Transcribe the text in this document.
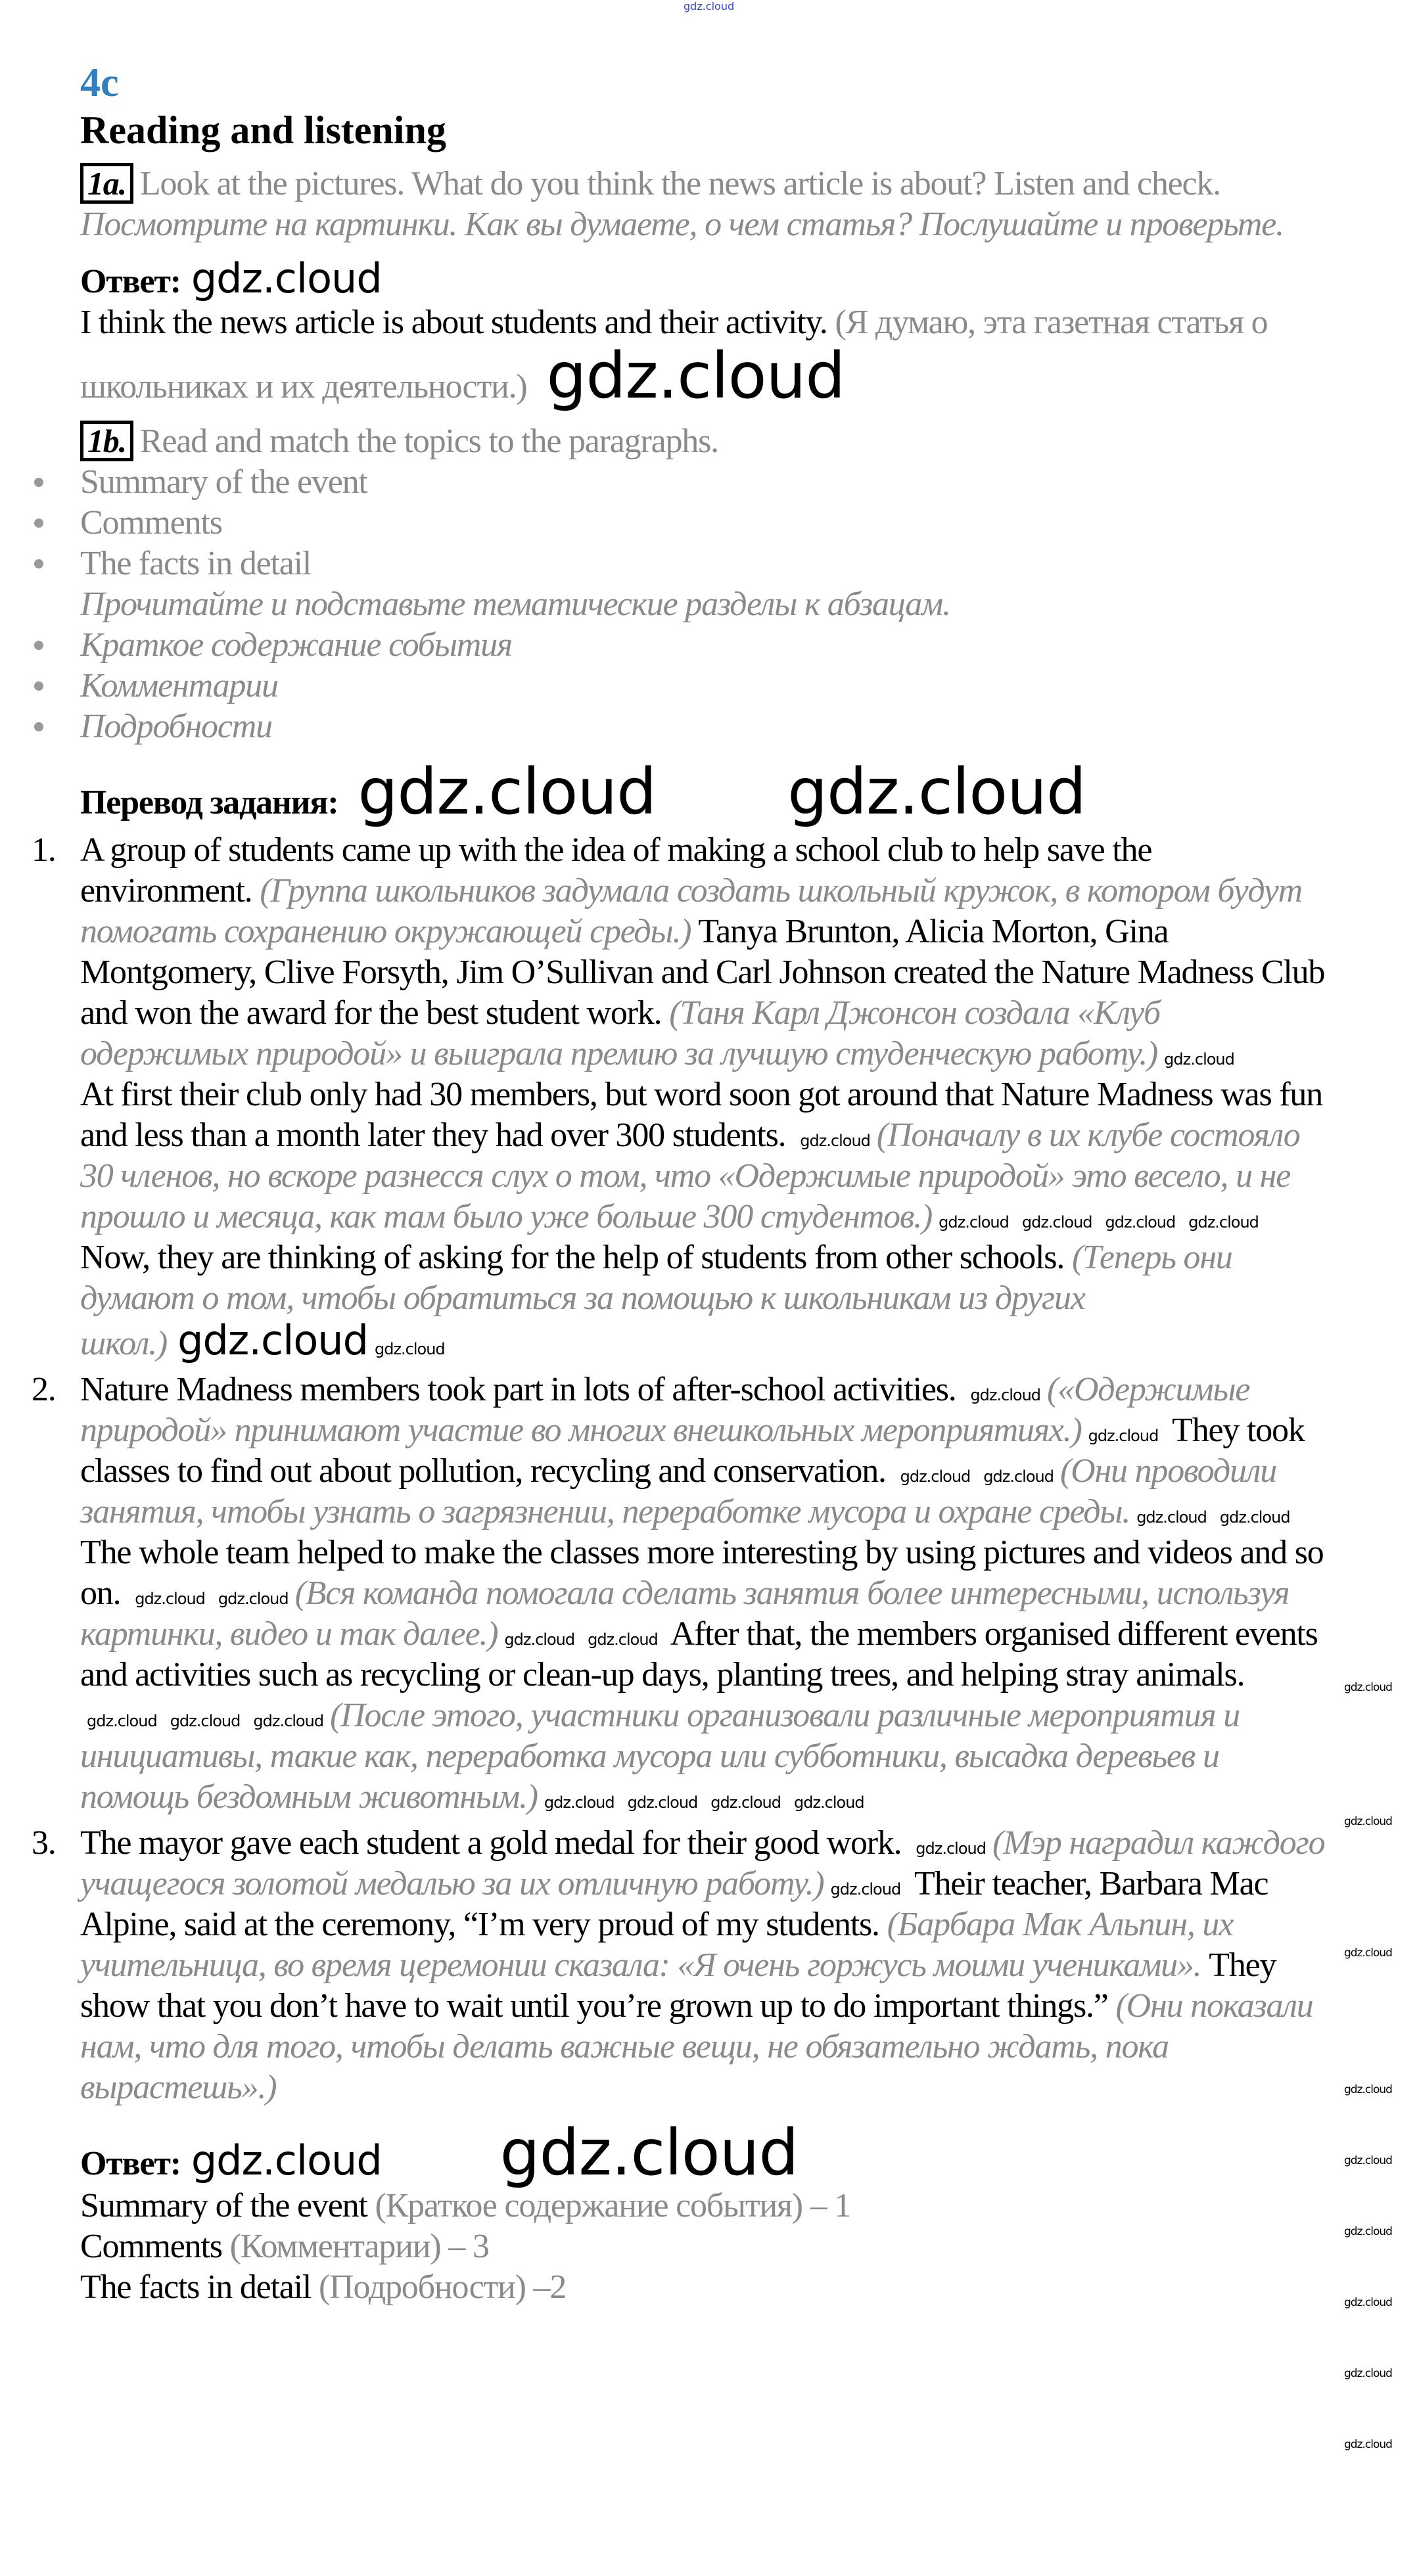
gdz.cloud
4c
Reading and listening
1a. Look at the pictures. What do you think the news article is about? Listen and check.
Посмотрите на картинки. Как вы думаете, о чем статья? Послушайте и проверьте.
Ответ: gdz.cloud
I think the news article is about students and their activity. (Я думаю, эта газетная статья о школьниках и их деятельности.) gdz.cloud
1b. Read and match the topics to the paragraphs.
Summary of the event
Comments
The facts in detail
Прочитайте и подставьте тематические разделы к абзацам.
Краткое содержание события
Комментарии
Подробности
Перевод задания: gdz.cloud gdz.cloud
1. A group of students came up with the idea of making a school club to help save the environment. (Группа школьников задумала создать школьный кружок, в котором будут помогать сохранению окружающей среды.) Tanya Brunton, Alicia Morton, Gina Montgomery, Clive Forsyth, Jim O’Sullivan and Carl Johnson created the Nature Madness Club and won the award for the best student work. (Таня Карл Джонсон создала «Клуб одержимых природой» и выиграла премию за лучшую студенческую работу.) gdz.cloud
At first their club only had 30 members, but word soon got around that Nature Madness was fun and less than a month later they had over 300 students. gdz.cloud (Поначалу в их клубе состояло 30 членов, но вскоре разнесся слух о том, что «Одержимые природой» это весело, и не прошло и месяца, как там было уже больше 300 студентов.) gdz.cloud gdz.cloud gdz.cloud gdz.cloud Now, they are thinking of asking for the help of students from other schools. (Теперь они думают о том, чтобы обратиться за помощью к школьникам из других школ.) gdz.cloud gdz.cloud
2. Nature Madness members took part in lots of after-school activities. gdz.cloud («Одержимые природой» принимают участие во многих внешкольных мероприятиях.) gdz.cloud They took classes to find out about pollution, recycling and conservation. gdz.cloud gdz.cloud (Они проводили занятия, чтобы узнать о загрязнении, переработке мусора и охране среды. gdz.cloud gdz.cloud The whole team helped to make the classes more interesting by using pictures and videos and so on. gdz.cloud gdz.cloud (Вся команда помогала сделать занятия более интересными, используя картинки, видео и так далее.) gdz.cloud gdz.cloud After that, the members organised different events and activities such as recycling or clean-up days, planting trees, and helping stray animals. gdz.cloud gdz.cloud gdz.cloud (После этого, участники организовали различные мероприятия и инициативы, такие как, переработка мусора или субботники, высадка деревьев и помощь бездомным животным.) gdz.cloud gdz.cloud gdz.cloud gdz.cloud
3. The mayor gave each student a gold medal for their good work. gdz.cloud (Мэр наградил каждого учащегося золотой медалью за их отличную работу.) gdz.cloud Their teacher, Barbara Mac Alpine, said at the ceremony, “I’m very proud of my students. (Барбара Мак Альпин, их учительница, во время церемонии сказала: «Я очень горжусь моими учениками». They show that you don’t have to wait until you’re grown up to do important things.” (Они показали нам, что для того, чтобы делать важные вещи, не обязательно ждать, пока вырастешь».)
Ответ: gdz.cloud gdz.cloud
Summary of the event (Краткое содержание события) – 1
Comments (Комментарии) – 3
The facts in detail (Подробности) –2
gdz.cloud
gdz.cloud
gdz.cloud
gdz.cloud
gdz.cloud
gdz.cloud
gdz.cloud
gdz.cloud
gdz.cloud
